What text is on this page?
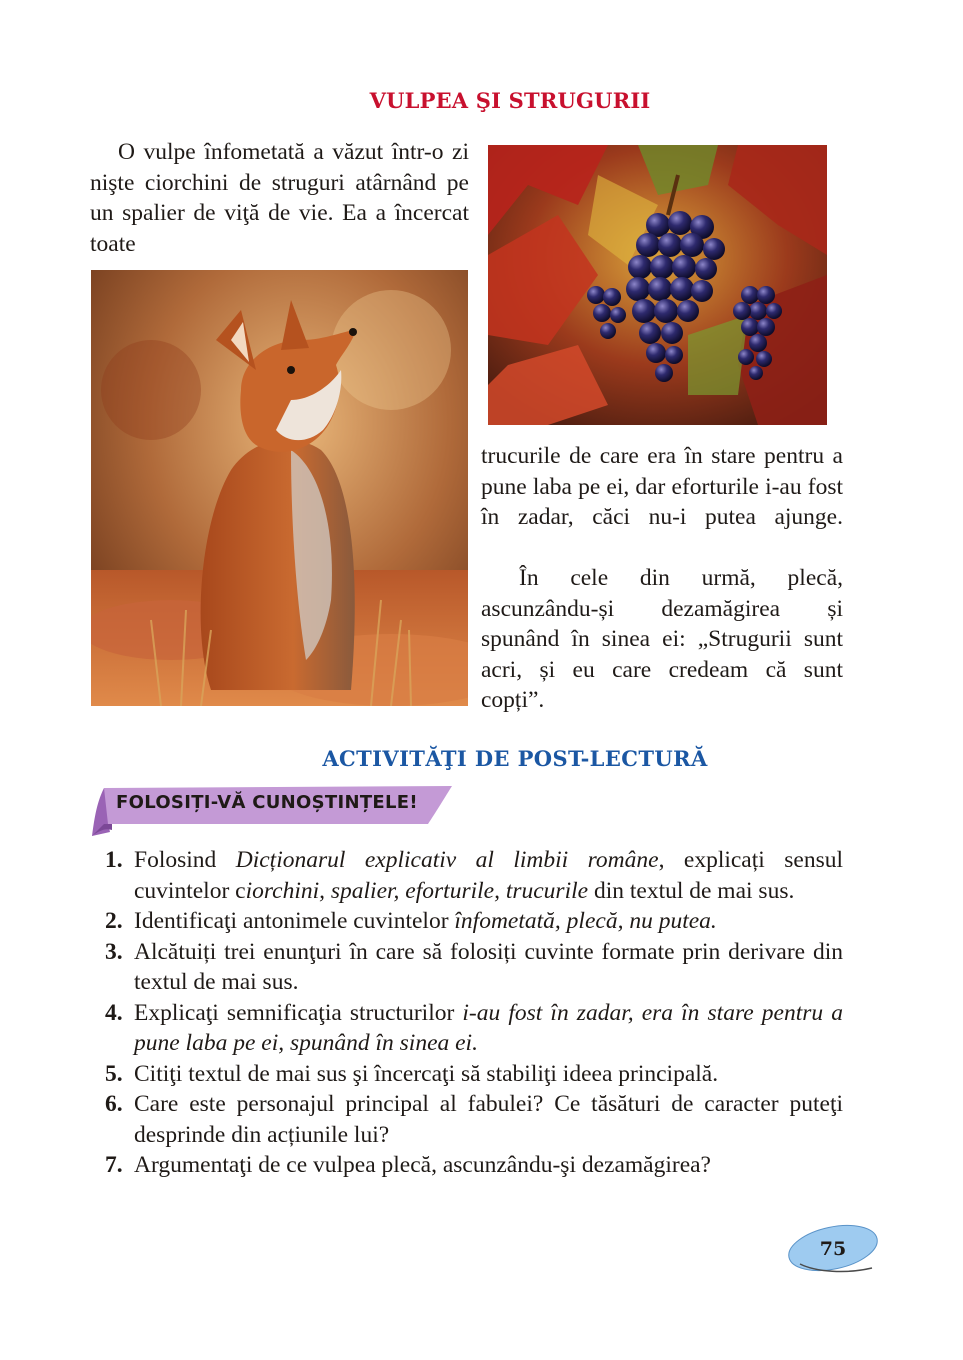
VULPEA ŞI STRUGURII

O vulpe înfometată a văzut într-o zi nişte ciorchini de struguri atârnând pe un spalier de viţă de vie. Ea a încercat toate

trucurile de care era în stare pentru a pune laba pe ei, dar eforturile i-au fost în zadar, căci nu-i putea ajunge.

În cele din urmă, plecă, ascunzându-și dezamăgirea și spunând în sinea ei: „Strugurii sunt acri, și eu care credeam că sunt copți”.

ACTIVITĂŢI DE POST-LECTURĂ
FOLOSIȚI-VĂ CUNOȘTINȚELE!
1. Folosind Dicționarul explicativ al limbii române, explicați sensul cuvintelor ciorchini, spalier, eforturile, trucurile din textul de mai sus.
2. Identificaţi antonimele cuvintelor înfometată, plecă, nu putea.
3. Alcătuiți trei enunţuri în care să folosiți cuvinte formate prin derivare din textul de mai sus.
4. Explicaţi semnificaţia structurilor i-au fost în zadar, era în stare pentru a pune laba pe ei, spunând în sinea ei.
5. Citiţi textul de mai sus şi încercaţi să stabiliţi ideea principală.
6. Care este personajul principal al fabulei? Ce tăsături de caracter puteţi desprinde din acțiunile lui?
7. Argumentaţi de ce vulpea plecă, ascunzându-şi dezamăgirea?
75
